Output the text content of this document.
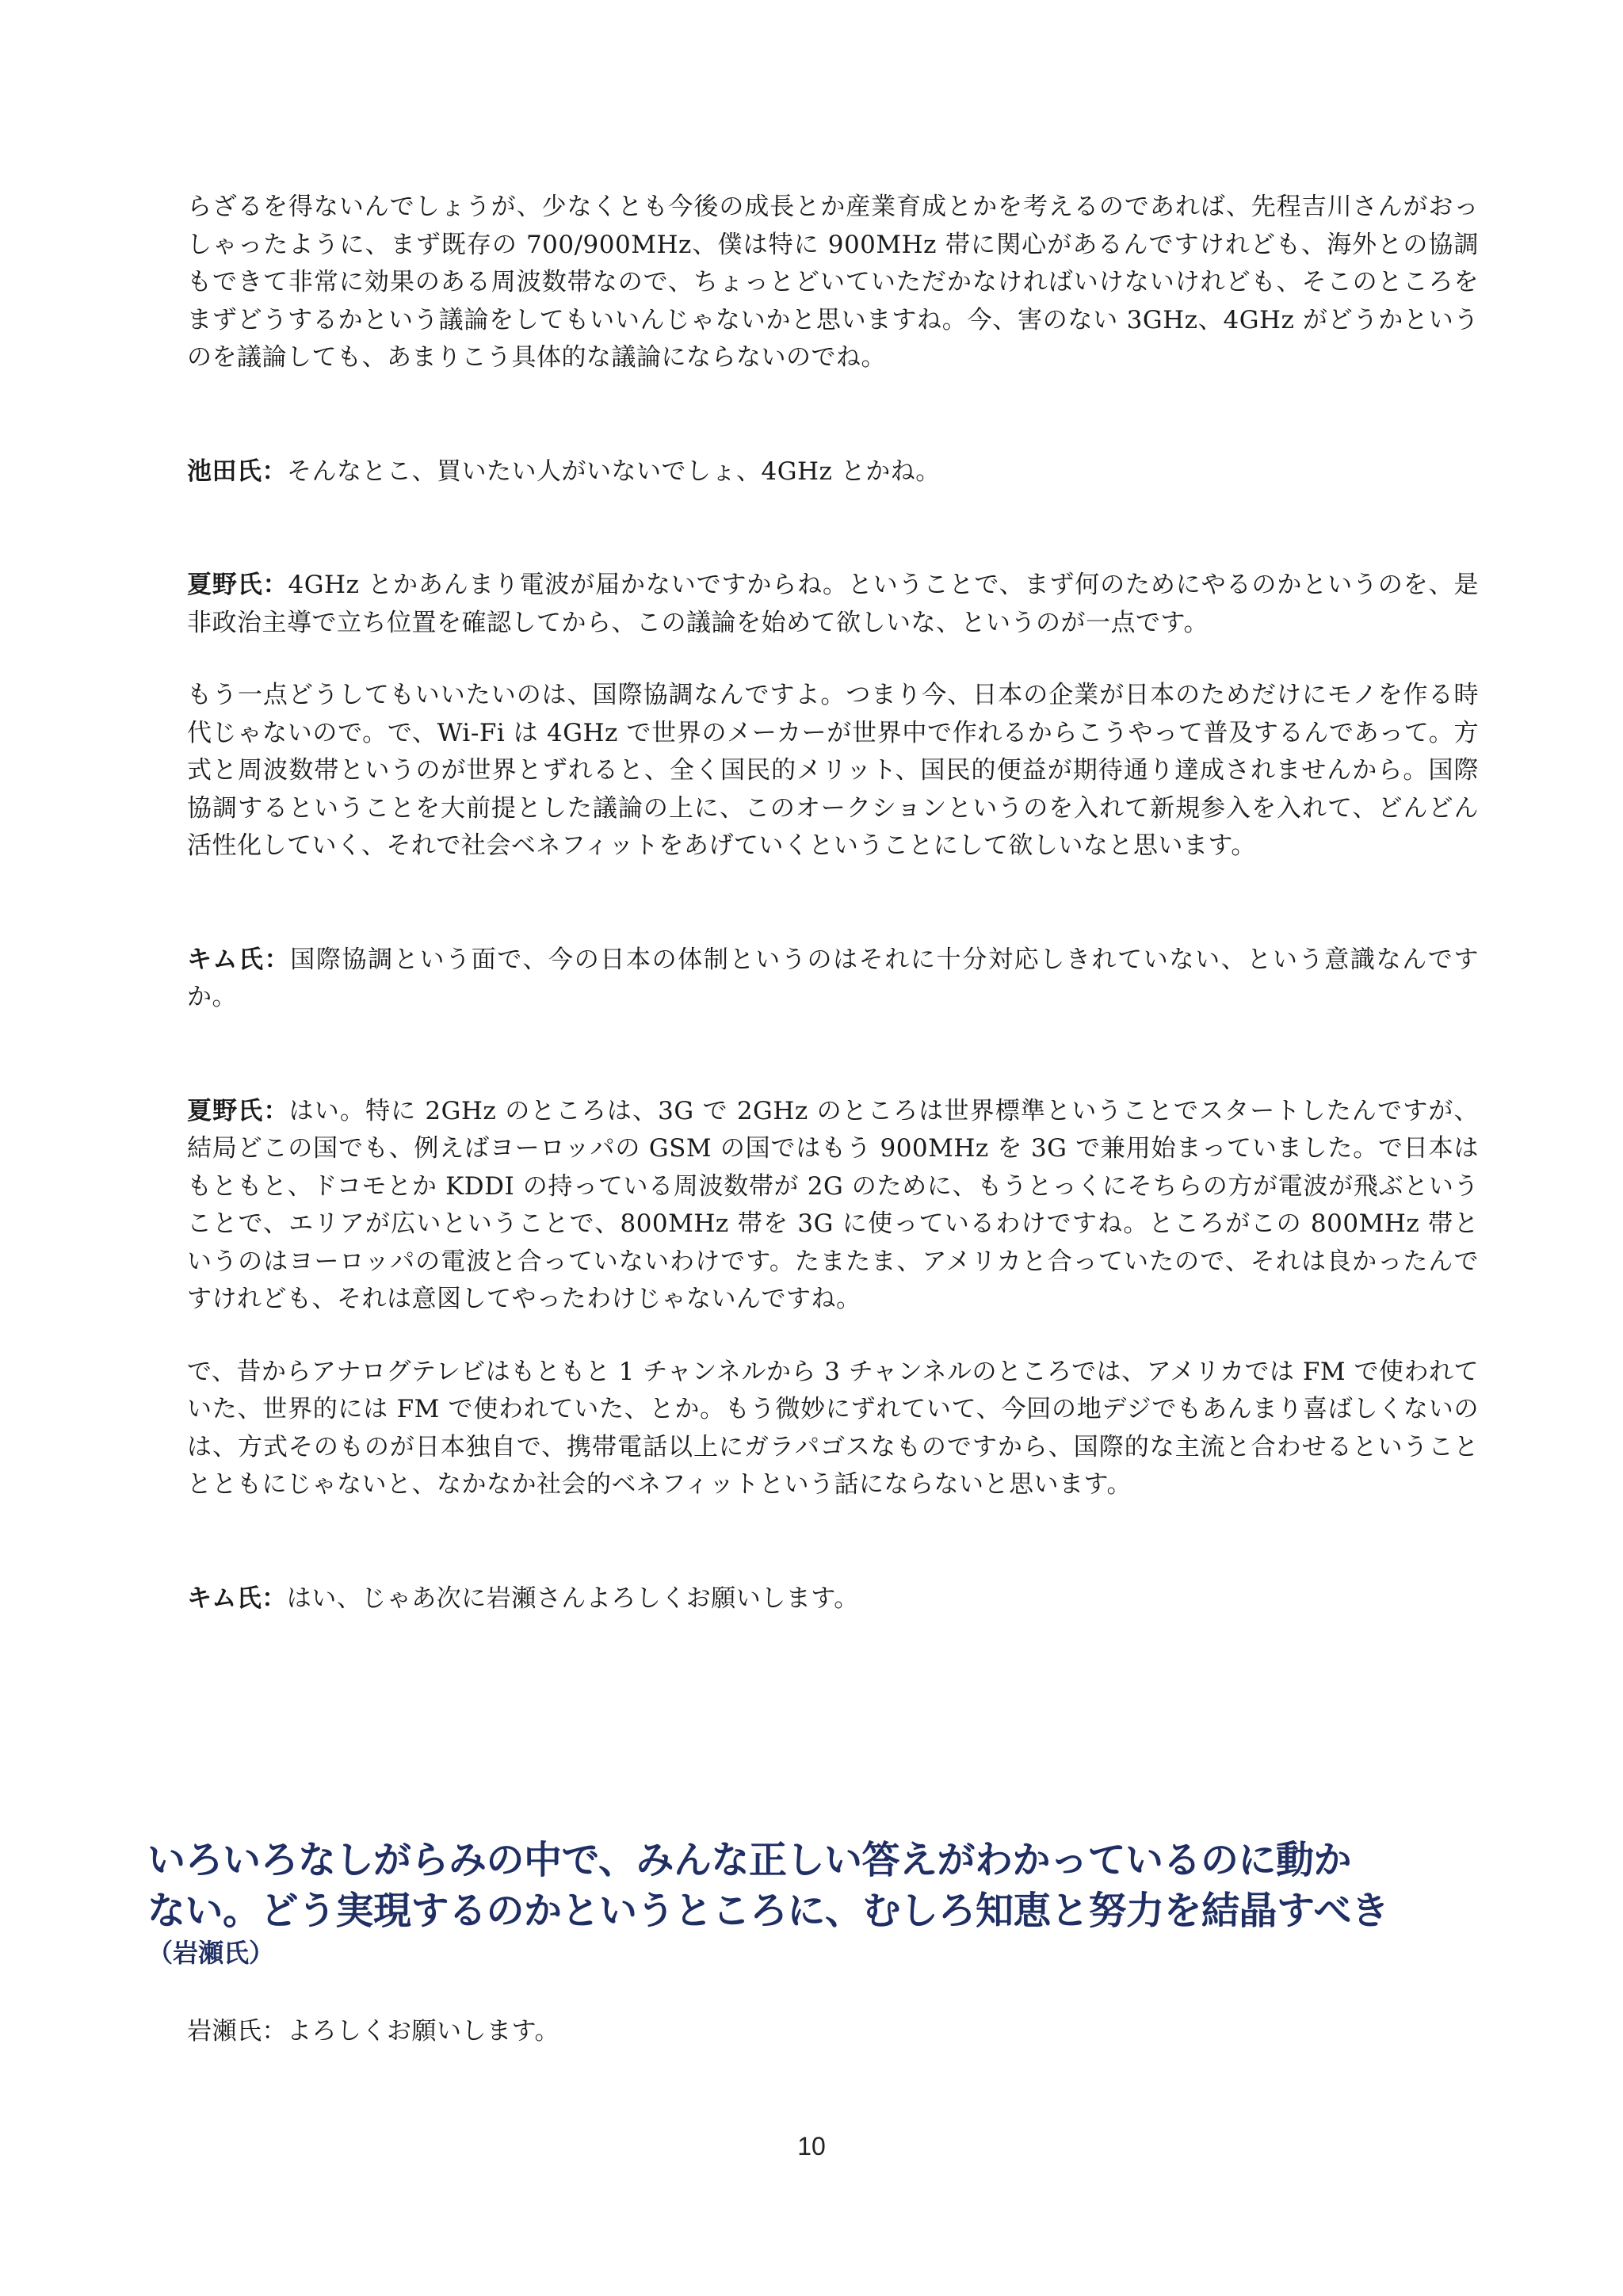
らざるを得ないんでしょうが、少なくとも今後の成長とか産業育成とかを考えるのであれば、先程吉川さんがおっしゃったように、まず既存の 700/900MHz、僕は特に 900MHz 帯に関心があるんですけれども、海外との協調もできて非常に効果のある周波数帯なので、ちょっとどいていただかなければいけないけれども、そこのところをまずどうするかという議論をしてもいいんじゃないかと思いますね。今、害のない 3GHz、4GHz がどうかというのを議論しても、あまりこう具体的な議論にならないのでね。

池田氏：そんなとこ、買いたい人がいないでしょ、4GHz とかね。

夏野氏：4GHz とかあんまり電波が届かないですからね。ということで、まず何のためにやるのかというのを、是非政治主導で立ち位置を確認してから、この議論を始めて欲しいな、というのが一点です。

もう一点どうしてもいいたいのは、国際協調なんですよ。つまり今、日本の企業が日本のためだけにモノを作る時代じゃないので。で、Wi-Fi は 4GHz で世界のメーカーが世界中で作れるからこうやって普及するんであって。方式と周波数帯というのが世界とずれると、全く国民的メリット、国民的便益が期待通り達成されませんから。国際協調するということを大前提とした議論の上に、このオークションというのを入れて新規参入を入れて、どんどん活性化していく、それで社会ベネフィットをあげていくということにして欲しいなと思います。

キム氏：国際協調という面で、今の日本の体制というのはそれに十分対応しきれていない、という意識なんですか。

夏野氏：はい。特に 2GHz のところは、3G で 2GHz のところは世界標準ということでスタートしたんですが、結局どこの国でも、例えばヨーロッパの GSM の国ではもう 900MHz を 3G で兼用始まっていました。で日本はもともと、ドコモとか KDDI の持っている周波数帯が 2G のために、もうとっくにそちらの方が電波が飛ぶということで、エリアが広いということで、800MHz 帯を 3G に使っているわけですね。ところがこの 800MHz 帯というのはヨーロッパの電波と合っていないわけです。たまたま、アメリカと合っていたので、それは良かったんですけれども、それは意図してやったわけじゃないんですね。

で、昔からアナログテレビはもともと 1 チャンネルから 3 チャンネルのところでは、アメリカでは FM で使われていた、世界的には FM で使われていた、とか。もう微妙にずれていて、今回の地デジでもあんまり喜ばしくないのは、方式そのものが日本独自で、携帯電話以上にガラパゴスなものですから、国際的な主流と合わせるということとともにじゃないと、なかなか社会的ベネフィットという話にならないと思います。

キム氏：はい、じゃあ次に岩瀬さんよろしくお願いします。

いろいろなしがらみの中で、みんな正しい答えがわかっているのに動か
ない。どう実現するのかというところに、むしろ知恵と努力を結晶すべき
（岩瀬氏）
岩瀬氏：よろしくお願いします。
10
